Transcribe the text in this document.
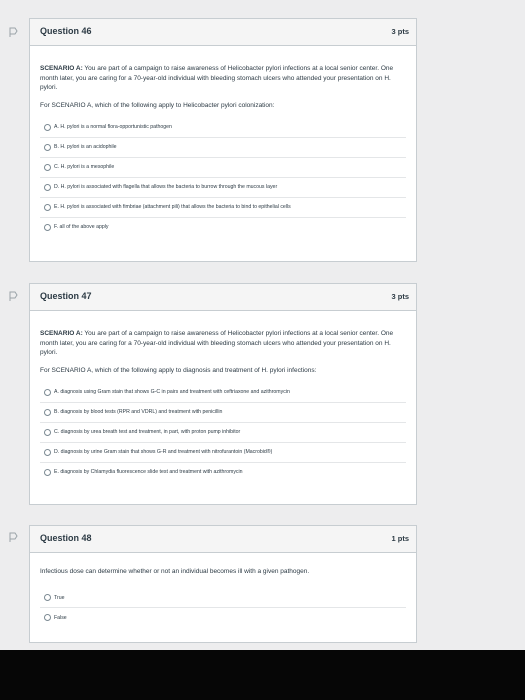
Question 46	3 pts

SCENARIO A: You are part of a campaign to raise awareness of Helicobacter pylori infections at a local senior center. One month later, you are caring for a 70-year-old individual with bleeding stomach ulcers who attended your presentation on H. pylori.

For SCENARIO A, which of the following apply to Helicobacter pylori colonization:

A. H. pylori is a normal flora-opportunistic pathogen
B. H. pylori is an acidophile
C. H. pylori is a mesophile
D. H. pylori is associated with flagella that allows the bacteria to burrow through the mucous layer
E. H. pylori is associated with fimbriae (attachment pili) that allows the bacteria to bind to epithelial cells
F. all of the above apply
Question 47	3 pts

SCENARIO A: You are part of a campaign to raise awareness of Helicobacter pylori infections at a local senior center. One month later, you are caring for a 70-year-old individual with bleeding stomach ulcers who attended your presentation on H. pylori.

For SCENARIO A, which of the following apply to diagnosis and treatment of H. pylori infections:

A. diagnosis using Gram stain that shows G-C in pairs and treatment with ceftriaxone and azithromycin
B. diagnosis by blood tests (RPR and VDRL) and treatment with penicillin
C. diagnosis by urea breath test and treatment, in part, with proton pump inhibitor
D. diagnosis by urine Gram stain that shows G-R and treatment with nitrofurantoin (Macrobid®)
E. diagnosis by Chlamydia fluorescence slide test and treatment with azithromycin
Question 48	1 pts

Infectious dose can determine whether or not an individual becomes ill with a given pathogen.

True
False
